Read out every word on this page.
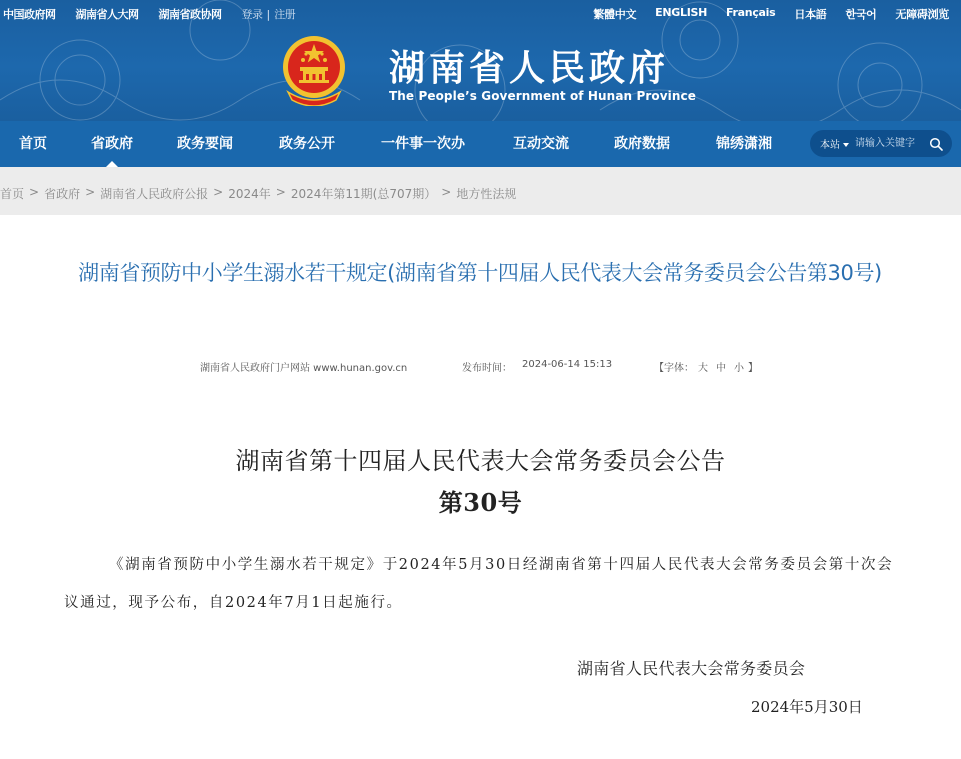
中国政府网 湖南省人大网 湖南省政协网 登录 | 注册	繁體中文 ENGLISH Français 日本語 한국어 无障碍浏览
湖南省人民政府
The People’s Government of Hunan Province
首页	省政府	政务要闻	政务公开	一件事一次办	互动交流	政府数据	锦绣潇湘	本站
请输入关键字
首页 > 省政府 > 湖南省人民政府公报 > 2024年 > 2024年第11期(总707期） > 地方性法规
湖南省预防中小学生溺水若干规定(湖南省第十四届人民代表大会常务委员会公告第30号)
湖南省人民政府门户网站 www.hunan.gov.cn	发布时间： 2024-06-14 15:13	【字体： 大 中 小 】
湖南省第十四届人民代表大会常务委员会公告
第30号
《湖南省预防中小学生溺水若干规定》于2024年5月30日经湖南省第十四届人民代表大会常务委员会第十次会议通过，现予公布，自2024年7月1日起施行。
湖南省人民代表大会常务委员会
2024年5月30日
